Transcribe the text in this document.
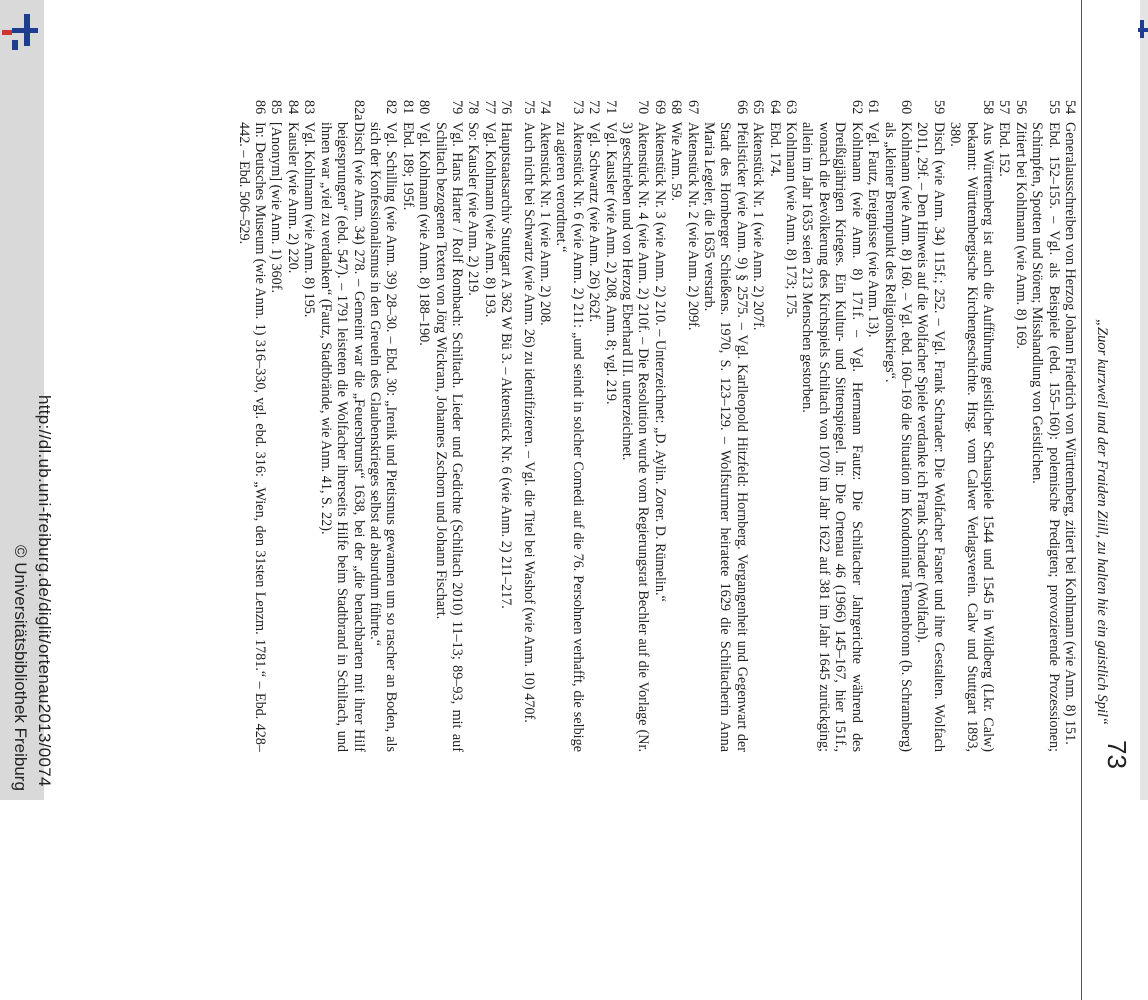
73
„Zuor kurzweil und der Fraiden Ziill, zu halten hie ein gaistlich Spil“
54
Generalausschreiben von Herzog Johann Friedrich von Württemberg, zitiert bei Kohlmann (wie Anm. 8) 151.
55
Ebd. 152–155. – Vgl. als Beispiele (ebd. 155–160): polemische Predigten; provozierende Prozessionen; Schimpfen, Spotten und Stören; Misshandlung von Geistlichen.
56
Zitiert bei Kohlmann (wie Anm. 8) 169.
57
Ebd. 152.
58
Aus Württemberg ist auch die Aufführung geistlicher Schauspiele 1544 und 1545 in Wildberg (Lkr. Calw) bekannt: Württembergische Kirchengeschichte. Hrsg. vom Calwer Verlagsverein. Calw und Stuttgart 1893, 380.
59
Disch (wie Anm. 34) 115f.; 252. – Vgl. Frank Schrader: Die Wolfacher Fasnet und ihre Gestalten. Wolfach 2011, 29f. – Den Hinweis auf die Wolfacher Spiele verdanke ich Frank Schrader (Wolfach).
60
Kohlmann (wie Anm. 8) 160. – Vgl. ebd. 160–169 die Situation im Kondominat Tennenbronn (b. Schramberg) als „kleiner Brennpunkt des Religionskriegs“.
61
Vgl. Fautz, Ereignisse (wie Anm. 13).
62
Kohlmann (wie Anm. 8) 171f. – Vgl. Hermann Fautz: Die Schiltacher Jahrgerichte während des Dreißigjährigen Krieges. Ein Kultur- und Sittenspiegel. In: Die Ortenau 46 (1966) 145–167, hier 151f., wonach die Bevölkerung des Kirchspiels Schiltach von 1070 im Jahr 1622 auf 381 im Jahr 1645 zurückging; allein im Jahr 1635 seien 213 Menschen gestorben.
63
Kohlmann (wie Anm. 8) 173; 175.
64
Ebd. 174.
65
Aktenstück Nr. 1 (wie Anm. 2) 207f.
66
Pfeilsticker (wie Anm. 9) § 2575. – Vgl. Karlleopold Hitzfeld: Hornberg. Vergangenheit und Gegenwart der Stadt des Hornberger Schießens. 1970, S. 123–129. – Wolfsturmer heiratete 1629 die Schiltacherin Anna Maria Legeler, die 1635 verstarb.
67
Aktenstück Nr. 2 (wie Anm. 2) 209f.
68
Wie Anm. 59.
69
Aktenstück Nr. 3 (wie Anm. 2) 210. – Unterzeichnet: „D. Aylin. Zorer. D. Rümelin.“
70
Aktenstück Nr. 4 (wie Anm. 2) 210f. – Die Resolution wurde vom Regierungsrat Bechler auf die Vorlage (Nr. 3) geschrieben und von Herzog Eberhard III. unterzeichnet.
71
Vgl. Kausler (wie Anm. 2) 208, Anm. 8; vgl. 219.
72
Vgl. Schwartz (wie Anm. 26) 262f.
73
Aktenstück Nr. 6 (wie Anm. 2) 211: „und seindt in solcher Comedi auf die 76. Persohnen verhafft, die selbige zu agieren verordtnet.“
74
Aktenstück Nr. 1 (wie Anm. 2) 208.
75
Auch nicht bei Schwartz (wie Anm. 26) zu identifizieren. – Vgl. die Titel bei Washof (wie Anm. 10) 470f.
76
Hauptstaatsarchiv Stuttgart A 362 W Bü 3. – Aktenstück Nr. 6 (wie Anm. 2) 211–217.
77
Vgl. Kohlmann (wie Anm. 8) 193.
78
So: Kausler (wie Anm. 2) 219.
79
Vgl. Hans Harter / Rolf Rombach: Schiltach. Lieder und Gedichte (Schiltach 2010) 11–13; 89–93, mit auf Schiltach bezogenen Texten von Jörg Wickram, Johannes Zschorn und Johann Fischart.
80
Vgl. Kohlmann (wie Anm. 8) 188–190.
81
Ebd. 189; 195f.
82
Vgl. Schilling (wie Anm. 39) 28–30. – Ebd. 30: „Irenik und Pietismus gewannen um so rascher an Boden, als sich der Konfessionalismus in den Greueln des Glaubenskrieges selbst ad absurdum führte.“
82a
Disch (wie Anm. 34) 278. – Gemeint war die „Feuersbrunst“ 1638, bei der „die benachbarten mit ihrer Hilf beigesprungen“ (ebd. 547). – 1791 leisteten die Wolfacher ihrerseits Hilfe beim Stadtbrand in Schiltach, und ihnen war „viel zu verdanken“ (Fautz, Stadtbrände, wie Anm. 41, S. 22).
83
Vgl. Kohlmann (wie Anm. 8) 195.
84
Kausler (wie Anm. 2) 220.
85
[Anonym] (wie Anm. 1) 360f.
86
In: Deutsches Museum (wie Anm. 1) 316–330, vgl. ebd. 316: „Wien, den 31sten Lenzm. 1781.“ – Ebd. 428–442. – Ebd. 506–529.
http://dl.ub.uni-freiburg.de/diglit/ortenau2013/0074
© Universitätsbibliothek Freiburg
